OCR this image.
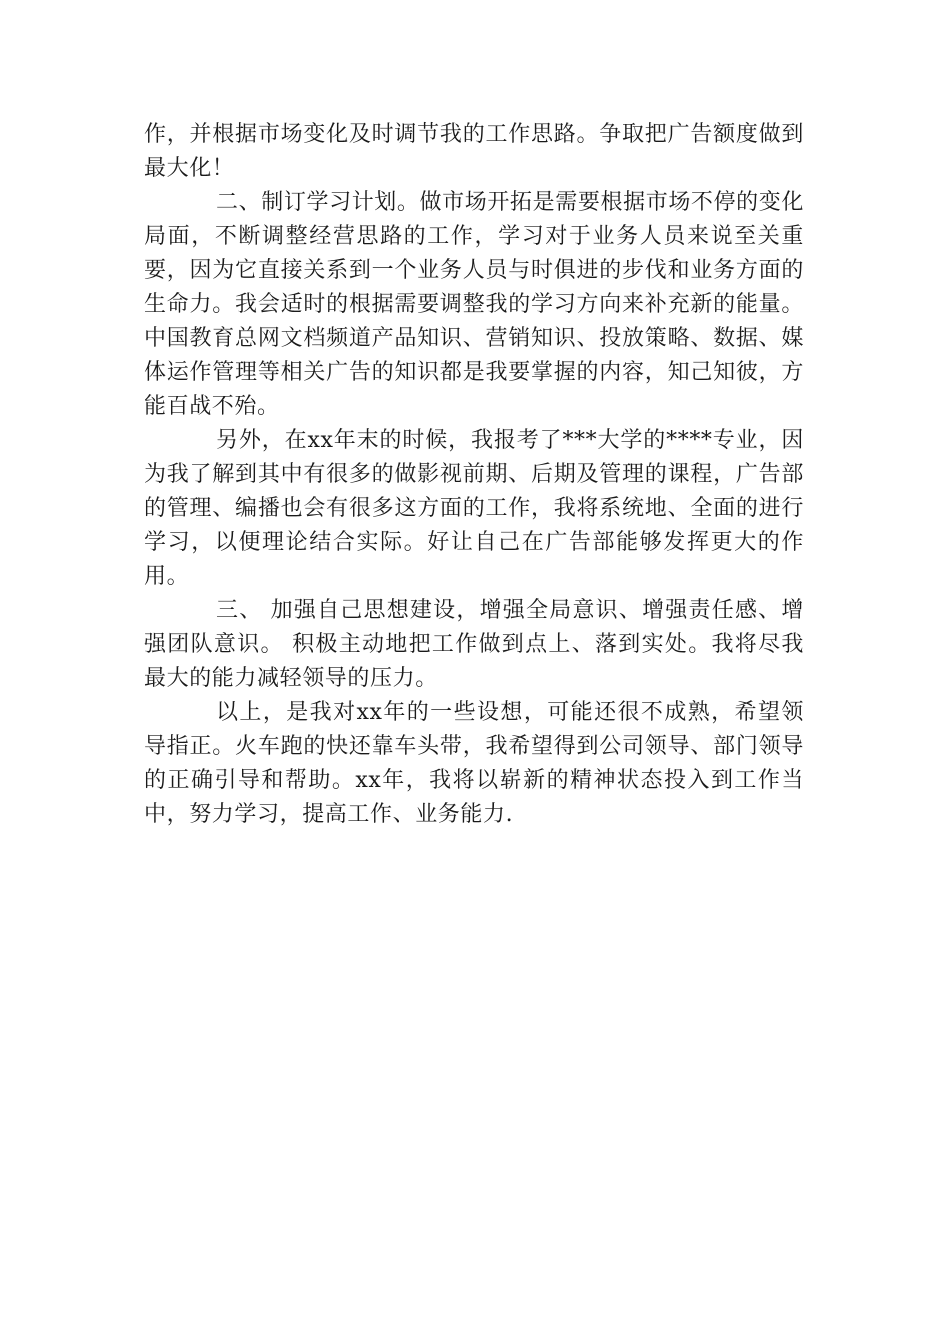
作，并根据市场变化及时调节我的工作思路。争取把广告额度做到最大化！

二、制订学习计划。做市场开拓是需要根据市场不停的变化局面，不断调整经营思路的工作，学习对于业务人员来说至关重要，因为它直接关系到一个业务人员与时俱进的步伐和业务方面的生命力。我会适时的根据需要调整我的学习方向来补充新的能量。中国教育总网文档频道产品知识、营销知识、投放策略、数据、媒体运作管理等相关广告的知识都是我要掌握的内容，知己知彼，方能百战不殆。

另外，在xx年末的时候，我报考了***大学的****专业，因为我了解到其中有很多的做影视前期、后期及管理的课程，广告部的管理、编播也会有很多这方面的工作，我将系统地、全面的进行学习，以便理论结合实际。好让自己在广告部能够发挥更大的作用。

三、 加强自己思想建设，增强全局意识、增强责任感、增强团队意识。 积极主动地把工作做到点上、落到实处。我将尽我最大的能力减轻领导的压力。

以上，是我对xx年的一些设想，可能还很不成熟，希望领导指正。火车跑的快还靠车头带，我希望得到公司领导、部门领导的正确引导和帮助。xx年，我将以崭新的精神状态投入到工作当中，努力学习，提高工作、业务能力.
